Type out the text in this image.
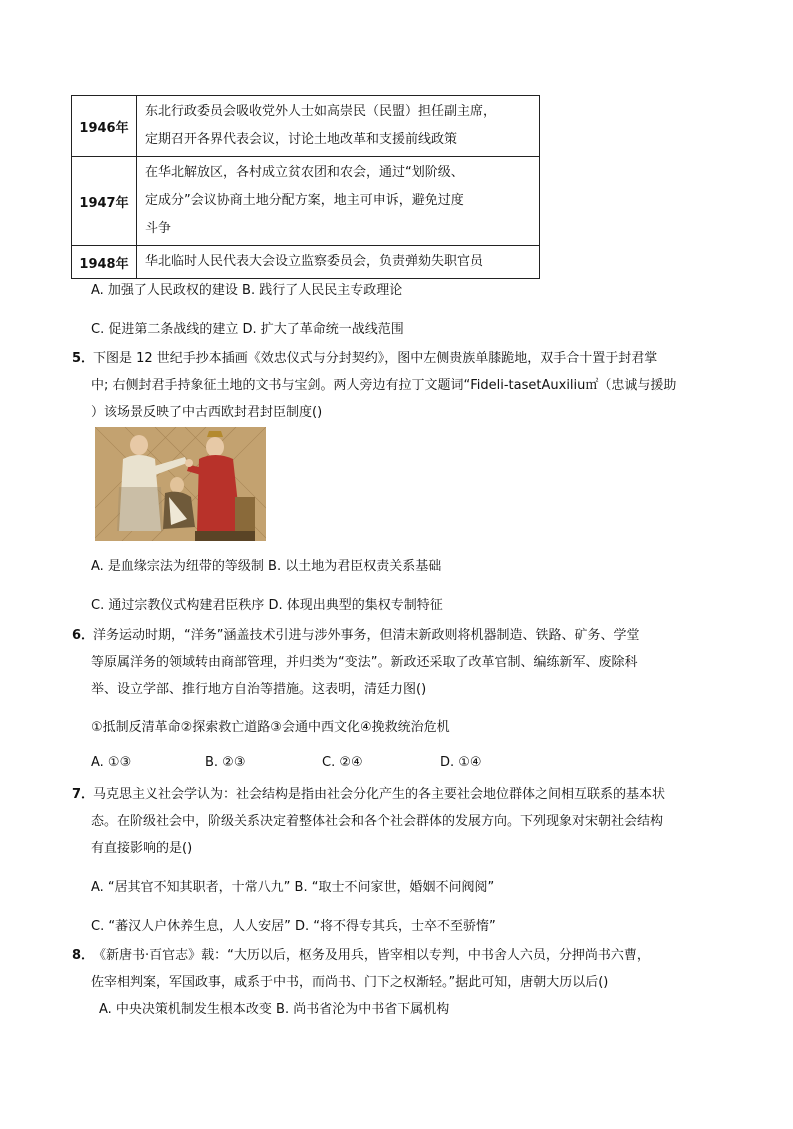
1946年	东北行政委员会吸收党外人士如高崇民（民盟）担任副主席，
定期召开各界代表会议，讨论土地改革和支援前线政策

1947年	在华北解放区，各村成立贫农团和农会，通过“划阶级、
定成分”会议协商土地分配方案，地主可申诉，避免过度
斗争

1948年	华北临时人民代表大会设立监察委员会，负责弹劾失职官员
A. 加强了人民政权的建设 B. 践行了人民民主专政理论
C. 促进第二条战线的建立 D. 扩大了革命统一战线范围
5．
下图是 12 世纪手抄本插画《效忠仪式与分封契约》，图中左侧贵族单膝跪地，双手合十置于封君掌
中; 右侧封君手持象征土地的文书与宝剑。两人旁边有拉丁文题词“Fideli-tasetAuxiliu㎡（忠诚与援助
）该场景反映了中古西欧封君封臣制度()
A. 是血缘宗法为纽带的等级制 B. 以土地为君臣权责关系基础
C. 通过宗教仪式构建君臣秩序 D. 体现出典型的集权专制特征
6．
洋务运动时期，“洋务”涵盖技术引进与涉外事务，但清末新政则将机器制造、铁路、矿务、学堂
等原属洋务的领域转由商部管理，并归类为“变法”。新政还采取了改革官制、编练新军、废除科
举、设立学部、推行地方自治等措施。这表明，清廷力图()
①抵制反清革命②探索救亡道路③会通中西文化④挽救统治危机
A. ①③	B. ②③	C. ②④	D. ①④
7．
马克思主义社会学认为：社会结构是指由社会分化产生的各主要社会地位群体之间相互联系的基本状
态。在阶级社会中，阶级关系决定着整体社会和各个社会群体的发展方向。下列现象对宋朝社会结构
有直接影响的是()
A. “居其官不知其职者，十常八九” B. “取士不问家世，婚姻不问阀阅”
C. “蕃汉人户休养生息，人人安居” D. “将不得专其兵，士卒不至骄惰”
8．
《新唐书·百官志》载：“大历以后，枢务及用兵，皆宰相以专判，中书舍人六员，分押尚书六曹，
佐宰相判案，军国政事，咸系于中书，而尚书、门下之权渐轻。”据此可知，唐朝大历以后()
A. 中央决策机制发生根本改变 B. 尚书省沦为中书省下属机构
